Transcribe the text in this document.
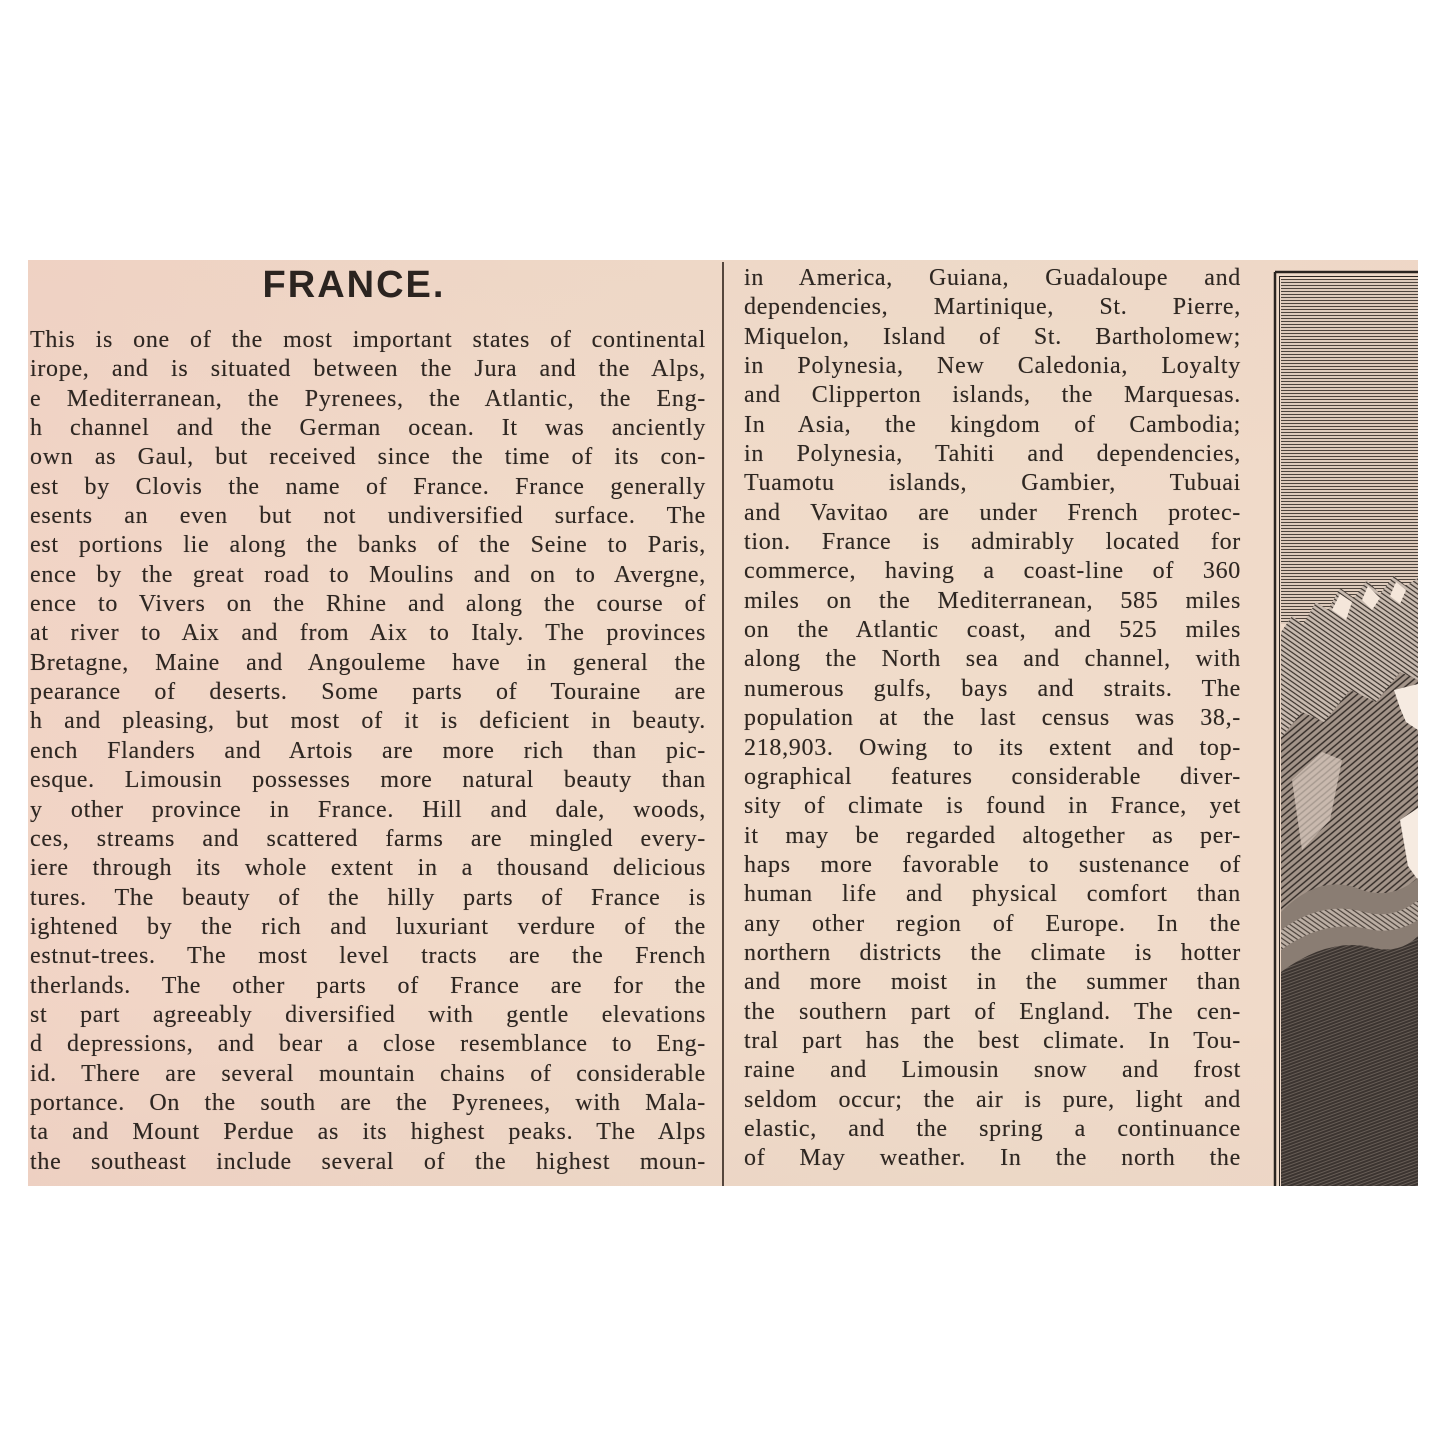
FRANCE.
This is one of the most important states of continental
irope, and is situated between the Jura and the Alps,
e Mediterranean, the Pyrenees, the Atlantic, the Eng-
h channel and the German ocean. It was anciently
own as Gaul, but received since the time of its con-
est by Clovis the name of France. France generally
esents an even but not undiversified surface. The
est portions lie along the banks of the Seine to Paris,
ence by the great road to Moulins and on to Avergne,
ence to Vivers on the Rhine and along the course of
at river to Aix and from Aix to Italy. The provinces
Bretagne, Maine and Angouleme have in general the
pearance of deserts. Some parts of Touraine are
h and pleasing, but most of it is deficient in beauty.
ench Flanders and Artois are more rich than pic-
esque. Limousin possesses more natural beauty than
y other province in France. Hill and dale, woods,
ces, streams and scattered farms are mingled every-
iere through its whole extent in a thousand delicious
tures. The beauty of the hilly parts of France is
ightened by the rich and luxuriant verdure of the
estnut-trees. The most level tracts are the French
therlands. The other parts of France are for the
st part agreeably diversified with gentle elevations
d depressions, and bear a close resemblance to Eng-
id. There are several mountain chains of considerable
portance. On the south are the Pyrenees, with Mala-
ta and Mount Perdue as its highest peaks. The Alps
the southeast include several of the highest moun-
in America, Guiana, Guadaloupe and
dependencies, Martinique, St. Pierre,
Miquelon, Island of St. Bartholomew;
in Polynesia, New Caledonia, Loyalty
and Clipperton islands, the Marquesas.
In Asia, the kingdom of Cambodia;
in Polynesia, Tahiti and dependencies,
Tuamotu islands, Gambier, Tubuai
and Vavitao are under French protec-
tion. France is admirably located for
commerce, having a coast-line of 360
miles on the Mediterranean, 585 miles
on the Atlantic coast, and 525 miles
along the North sea and channel, with
numerous gulfs, bays and straits. The
population at the last census was 38,-
218,903. Owing to its extent and top-
ographical features considerable diver-
sity of climate is found in France, yet
it may be regarded altogether as per-
haps more favorable to sustenance of
human life and physical comfort than
any other region of Europe. In the
northern districts the climate is hotter
and more moist in the summer than
the southern part of England. The cen-
tral part has the best climate. In Tou-
raine and Limousin snow and frost
seldom occur; the air is pure, light and
elastic, and the spring a continuance
of May weather. In the north the
